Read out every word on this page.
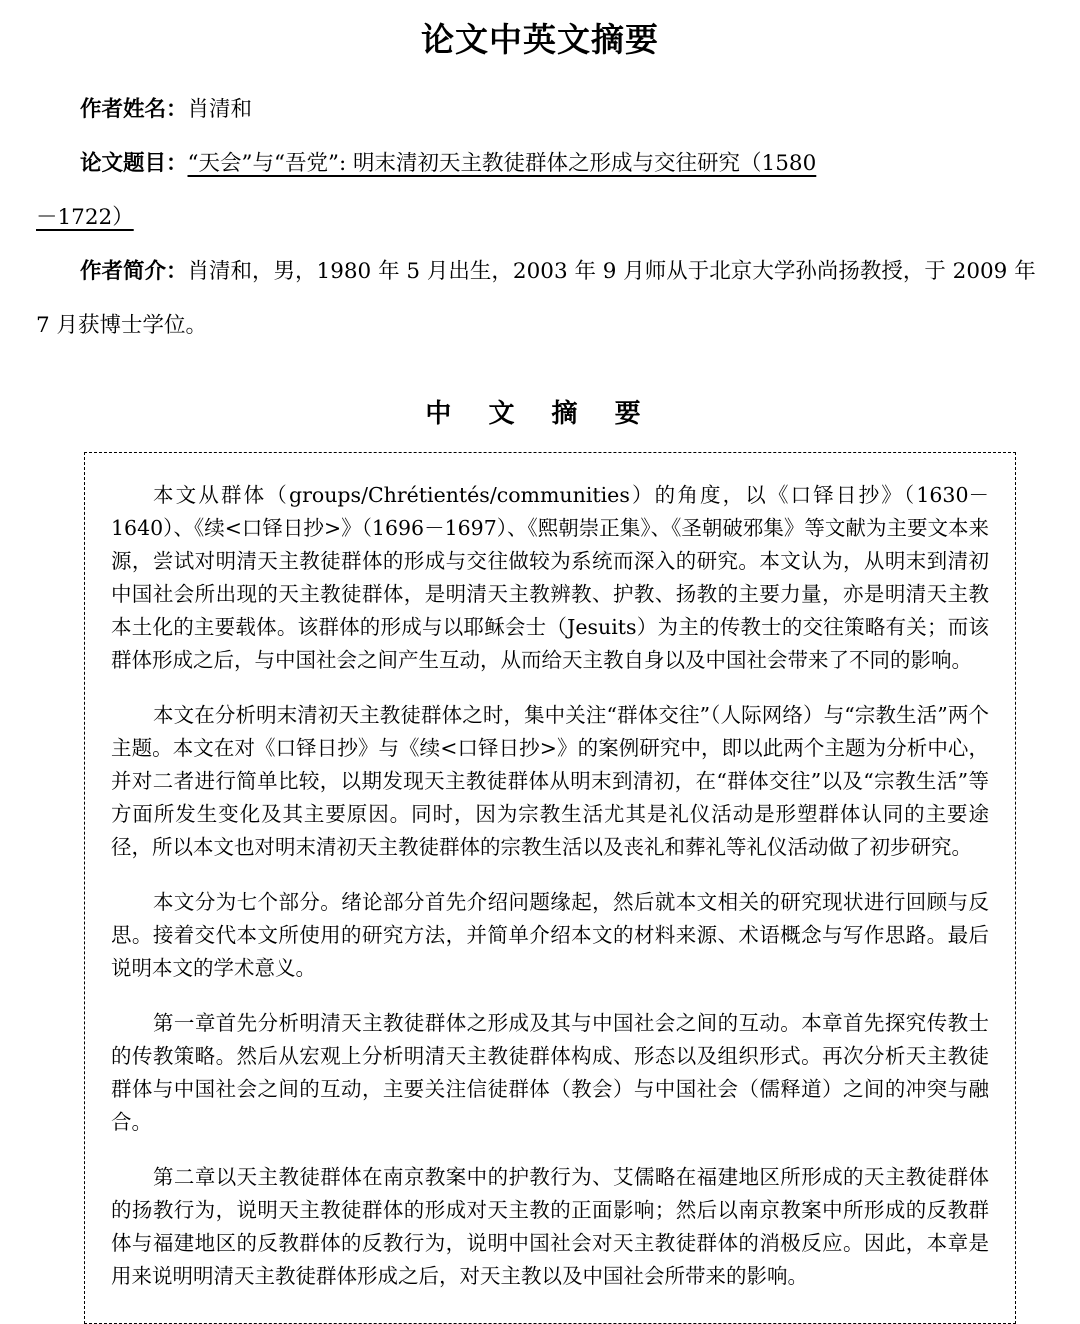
论文中英文摘要

作者姓名：肖清和

论文题目：“天会”与“吾党”: 明末清初天主教徒群体之形成与交往研究（1580

－1722）

作者简介：肖清和，男，1980 年 5 月出生，2003 年 9 月师从于北京大学孙尚扬教授，于 2009 年 7 月获博士学位。

中 文 摘 要

本文从群体（groups/Chrétientés/communities）的角度，以《口铎日抄》（1630－1640）、《续<口铎日抄>》（1696－1697）、《熙朝崇正集》、《圣朝破邪集》等文献为主要文本来源，尝试对明清天主教徒群体的形成与交往做较为系统而深入的研究。本文认为，从明末到清初中国社会所出现的天主教徒群体，是明清天主教辨教、护教、扬教的主要力量，亦是明清天主教本土化的主要载体。该群体的形成与以耶稣会士（Jesuits）为主的传教士的交往策略有关；而该群体形成之后，与中国社会之间产生互动，从而给天主教自身以及中国社会带来了不同的影响。

本文在分析明末清初天主教徒群体之时，集中关注“群体交往”（人际网络）与“宗教生活”两个主题。本文在对《口铎日抄》与《续<口铎日抄>》的案例研究中，即以此两个主题为分析中心，并对二者进行简单比较，以期发现天主教徒群体从明末到清初，在“群体交往”以及“宗教生活”等方面所发生变化及其主要原因。同时，因为宗教生活尤其是礼仪活动是形塑群体认同的主要途径，所以本文也对明末清初天主教徒群体的宗教生活以及丧礼和葬礼等礼仪活动做了初步研究。

本文分为七个部分。绪论部分首先介绍问题缘起，然后就本文相关的研究现状进行回顾与反思。接着交代本文所使用的研究方法，并简单介绍本文的材料来源、术语概念与写作思路。最后说明本文的学术意义。

第一章首先分析明清天主教徒群体之形成及其与中国社会之间的互动。本章首先探究传教士的传教策略。然后从宏观上分析明清天主教徒群体构成、形态以及组织形式。再次分析天主教徒群体与中国社会之间的互动，主要关注信徒群体（教会）与中国社会（儒释道）之间的冲突与融合。

第二章以天主教徒群体在南京教案中的护教行为、艾儒略在福建地区所形成的天主教徒群体的扬教行为，说明天主教徒群体的形成对天主教的正面影响；然后以南京教案中所形成的反教群体与福建地区的反教群体的反教行为，说明中国社会对天主教徒群体的消极反应。因此，本章是用来说明明清天主教徒群体形成之后，对天主教以及中国社会所带来的影响。
